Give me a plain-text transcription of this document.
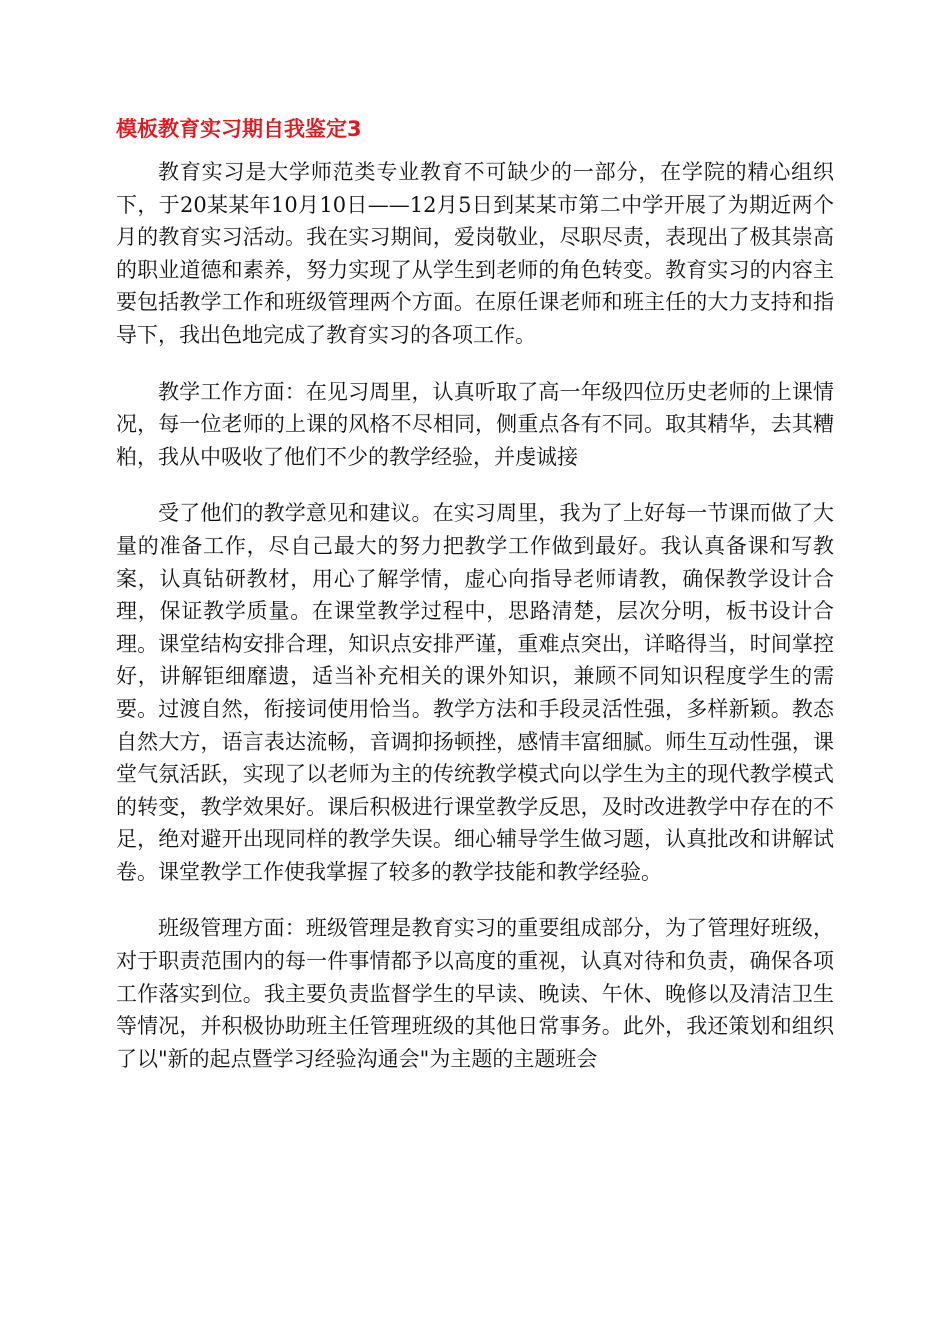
模板教育实习期自我鉴定3

教育实习是大学师范类专业教育不可缺少的一部分，在学院的精心组织下，于20某某年10月10日——12月5日到某某市第二中学开展了为期近两个月的教育实习活动。我在实习期间，爱岗敬业，尽职尽责，表现出了极其崇高的职业道德和素养，努力实现了从学生到老师的角色转变。教育实习的内容主要包括教学工作和班级管理两个方面。在原任课老师和班主任的大力支持和指导下，我出色地完成了教育实习的各项工作。

教学工作方面：在见习周里，认真听取了高一年级四位历史老师的上课情况，每一位老师的上课的风格不尽相同，侧重点各有不同。取其精华，去其糟粕，我从中吸收了他们不少的教学经验，并虔诚接

受了他们的教学意见和建议。在实习周里，我为了上好每一节课而做了大量的准备工作，尽自己最大的努力把教学工作做到最好。我认真备课和写教案，认真钻研教材，用心了解学情，虚心向指导老师请教，确保教学设计合理，保证教学质量。在课堂教学过程中，思路清楚，层次分明，板书设计合理。课堂结构安排合理，知识点安排严谨，重难点突出，详略得当，时间掌控好，讲解钜细靡遗，适当补充相关的课外知识，兼顾不同知识程度学生的需要。过渡自然，衔接词使用恰当。教学方法和手段灵活性强，多样新颖。教态自然大方，语言表达流畅，音调抑扬顿挫，感情丰富细腻。师生互动性强，课堂气氛活跃，实现了以老师为主的传统教学模式向以学生为主的现代教学模式的转变，教学效果好。课后积极进行课堂教学反思，及时改进教学中存在的不足，绝对避开出现同样的教学失误。细心辅导学生做习题，认真批改和讲解试卷。课堂教学工作使我掌握了较多的教学技能和教学经验。

班级管理方面：班级管理是教育实习的重要组成部分，为了管理好班级，对于职责范围内的每一件事情都予以高度的重视，认真对待和负责，确保各项工作落实到位。我主要负责监督学生的早读、晚读、午休、晚修以及清洁卫生等情况，并积极协助班主任管理班级的其他日常事务。此外，我还策划和组织了以"新的起点暨学习经验沟通会"为主题的主题班会
